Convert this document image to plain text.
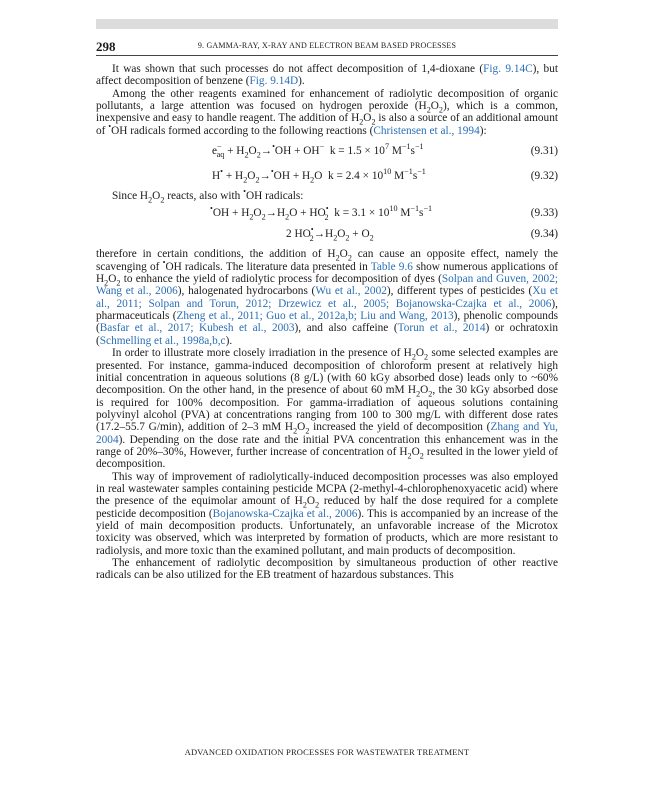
298	9. GAMMA-RAY, X-RAY AND ELECTRON BEAM BASED PROCESSES

It was shown that such processes do not affect decomposition of 1,4-dioxane (Fig. 9.14C), but affect decomposition of benzene (Fig. 9.14D).

Among the other reagents examined for enhancement of radiolytic decomposition of organic pollutants, a large attention was focused on hydrogen peroxide $(H_2O_2)$, which is a common, inexpensive and easy to handle reagent. The addition of $H_2O_2$ is also a source of an additional amount of •OH radicals formed according to the following reactions (Christensen et al., 1994):

$e^-_{aq} + H_2O_2\to^•OH + OH^-$  $k = 1.5 \times 10^7$ $M^{-1}s^{-1}$	(9.31)
$H^• + H_2O_2\to^•OH + H_2O$  $k = 2.4 \times 10^{10}$ $M^{-1}s^{-1}$	(9.32)

Since $H_2O_2$ reacts, also with •OH radicals:

$^•OH + H_2O_2\to H_2O + HO^•_2$  $k = 3.1 \times 10^{10}$ $M^{-1}s^{-1}$	(9.33)
2 $HO^•_2\to H_2O_2 + O_2$	(9.34)

therefore in certain conditions, the addition of $H_2O_2$ can cause an opposite effect, namely the scavenging of •OH radicals. The literature data presented in Table 9.6 show numerous applications of $H_2O_2$ to enhance the yield of radiolytic process for decomposition of dyes (Solpan and Guven, 2002; Wang et al., 2006), halogenated hydrocarbons (Wu et al., 2002), different types of pesticides (Xu et al., 2011; Solpan and Torun, 2012; Drzewicz et al., 2005; Bojanowska-Czajka et al., 2006), pharmaceuticals (Zheng et al., 2011; Guo et al., 2012a,b; Liu and Wang, 2013), phenolic compounds (Basfar et al., 2017; Kubesh et al., 2003), and also caffeine (Torun et al., 2014) or ochratoxin (Schmelling et al., 1998a,b,c).

In order to illustrate more closely irradiation in the presence of $H_2O_2$ some selected examples are presented. For instance, gamma-induced decomposition of chloroform present at relatively high initial concentration in aqueous solutions (8 g/L) (with 60 kGy absorbed dose) leads only to ~60% decomposition. On the other hand, in the presence of about 60 mM $H_2O_2$, the 30 kGy absorbed dose is required for 100% decomposition. For gamma-irradiation of aqueous solutions containing polyvinyl alcohol (PVA) at concentrations ranging from 100 to 300 mg/L with different dose rates (17.2–55.7 G/min), addition of 2–3 mM $H_2O_2$ increased the yield of decomposition (Zhang and Yu, 2004). Depending on the dose rate and the initial PVA concentration this enhancement was in the range of 20%–30%, However, further increase of concentration of $H_2O_2$ resulted in the lower yield of decomposition.

This way of improvement of radiolytically-induced decomposition processes was also employed in real wastewater samples containing pesticide MCPA (2-methyl-4-chlorophenoxyacetic acid) where the presence of the equimolar amount of $H_2O_2$ reduced by half the dose required for a complete pesticide decomposition (Bojanowska-Czajka et al., 2006). This is accompanied by an increase of the yield of main decomposition products. Unfortunately, an unfavorable increase of the Microtox toxicity was observed, which was interpreted by formation of products, which are more resistant to radiolysis, and more toxic than the examined pollutant, and main products of decomposition.

The enhancement of radiolytic decomposition by simultaneous production of other reactive radicals can be also utilized for the EB treatment of hazardous substances. This

ADVANCED OXIDATION PROCESSES FOR WASTEWATER TREATMENT
